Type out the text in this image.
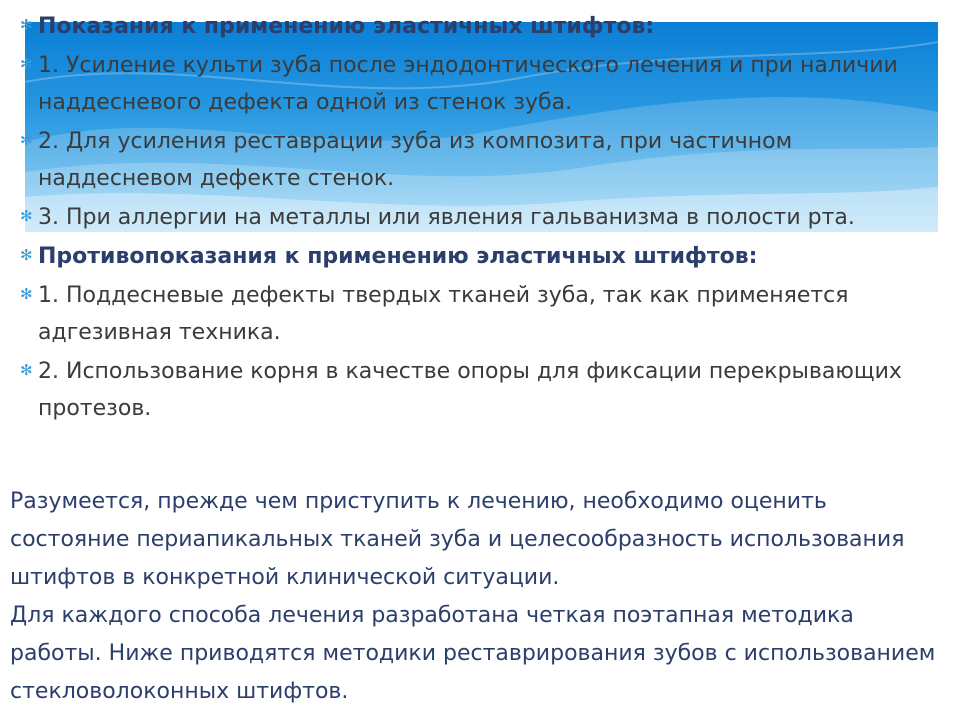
✻ Показания к применению эластичных штифтов:
✻ 1. Усиление культи зуба после эндодонтического лечения и при наличии наддесневого дефекта одной из стенок зуба.
✻ 2. Для усиления реставрации зуба из композита, при частичном наддесневом дефекте стенок.
✻ 3. При аллергии на металлы или явления гальванизма в полости рта.
✻ Противопоказания к применению эластичных штифтов:
✻ 1. Поддесневые дефекты твердых тканей зуба, так как применяется адгезивная техника.
✻ 2. Использование корня в качестве опоры для фиксации перекрывающих протезов.

Разумеется, прежде чем приступить к лечению, необходимо оценить состояние периапикальных тканей зуба и целесообразность использования штифтов в конкретной клинической ситуации.

Для каждого способа лечения разработана четкая поэтапная методика работы. Ниже приводятся методики реставрирования зубов с использованием стекловолоконных штифтов.
